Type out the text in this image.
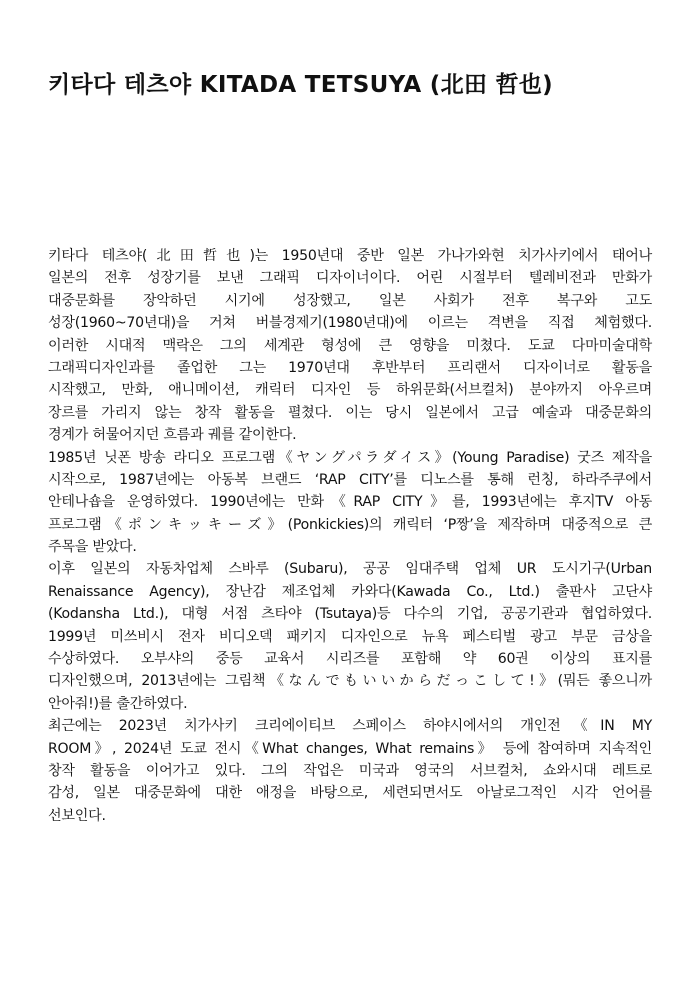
키타다 테츠야 KITADA TETSUYA (北田 哲也)
키타다 테츠야(北田哲也)는 1950년대 중반 일본 가나가와현 치가사키에서 태어나
일본의 전후 성장기를 보낸 그래픽 디자이너이다. 어린 시절부터 텔레비전과 만화가
대중문화를 장악하던 시기에 성장했고, 일본 사회가 전후 복구와 고도
성장(1960~70년대)을 거쳐 버블경제기(1980년대)에 이르는 격변을 직접 체험했다.
이러한 시대적 맥락은 그의 세계관 형성에 큰 영향을 미쳤다. 도쿄 다마미술대학
그래픽디자인과를 졸업한 그는 1970년대 후반부터 프리랜서 디자이너로 활동을
시작했고, 만화, 애니메이션, 캐릭터 디자인 등 하위문화(서브컬처) 분야까지 아우르며
장르를 가리지 않는 창작 활동을 펼쳤다. 이는 당시 일본에서 고급 예술과 대중문화의
경계가 허물어지던 흐름과 궤를 같이한다.
1985년 닛폰 방송 라디오 프로그램《ヤングパラダイス》(Young Paradise) 굿즈 제작을
시작으로, 1987년에는 아동복 브랜드 ‘RAP CITY’를 디노스를 통해 런칭, 하라주쿠에서
안테나숍을 운영하였다. 1990년에는 만화《RAP CITY》를, 1993년에는 후지TV 아동
프로그램《ポンキッキーズ》(Ponkickies)의 캐릭터 ‘P짱’을 제작하며 대중적으로 큰
주목을 받았다.
이후 일본의 자동차업체 스바루 (Subaru), 공공 임대주택 업체 UR 도시기구(Urban
Renaissance Agency), 장난감 제조업체 카와다(Kawada Co., Ltd.) 출판사 고단샤
(Kodansha Ltd.), 대형 서점 츠타야 (Tsutaya)등 다수의 기업, 공공기관과 협업하였다.
1999년 미쓰비시 전자 비디오덱 패키지 디자인으로 뉴욕 페스티벌 광고 부문 금상을
수상하였다. 오부샤의 중등 교육서 시리즈를 포함해 약 60권 이상의 표지를
디자인했으며, 2013년에는 그림책《なんでもいいからだっこして!》(뭐든 좋으니까
안아줘!)를 출간하였다.
최근에는 2023년 치가사키 크리에이티브 스페이스 하야시에서의 개인전《IN MY
ROOM》, 2024년 도쿄 전시《What changes, What remains》 등에 참여하며 지속적인
창작 활동을 이어가고 있다. 그의 작업은 미국과 영국의 서브컬처, 쇼와시대 레트로
감성, 일본 대중문화에 대한 애정을 바탕으로, 세련되면서도 아날로그적인 시각 언어를
선보인다.
